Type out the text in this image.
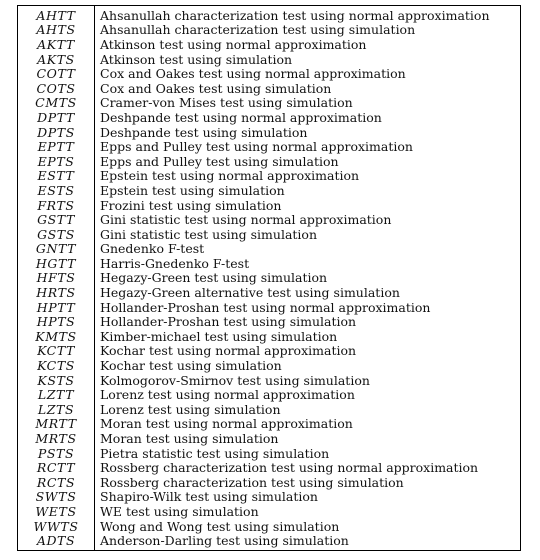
AHTT	Ahsanullah characterization test using normal approximation
AHTS	Ahsanullah characterization test using simulation
AKTT	Atkinson test using normal approximation
AKTS	Atkinson test using simulation
COTT	Cox and Oakes test using normal approximation
COTS	Cox and Oakes test using simulation
CMTS	Cramer-von Mises test using simulation
DPTT	Deshpande test using normal approximation
DPTS	Deshpande test using simulation
EPTT	Epps and Pulley test using normal approximation
EPTS	Epps and Pulley test using simulation
ESTT	Epstein test using normal approximation
ESTS	Epstein test using simulation
FRTS	Frozini test using simulation
GSTT	Gini statistic test using normal approximation
GSTS	Gini statistic test using simulation
GNTT	Gnedenko F-test
HGTT	Harris-Gnedenko F-test
HFTS	Hegazy-Green test using simulation
HRTS	Hegazy-Green alternative test using simulation
HPTT	Hollander-Proshan test using normal approximation
HPTS	Hollander-Proshan test using simulation
KMTS	Kimber-michael test using simulation
KCTT	Kochar test using normal approximation
KCTS	Kochar test using simulation
KSTS	Kolmogorov-Smirnov test using simulation
LZTT	Lorenz test using normal approximation
LZTS	Lorenz test using simulation
MRTT	Moran test using normal approximation
MRTS	Moran test using simulation
PSTS	Pietra statistic test using simulation
RCTT	Rossberg characterization test using normal approximation
RCTS	Rossberg characterization test using simulation
SWTS	Shapiro-Wilk test using simulation
WETS	WE test using simulation
WWTS	Wong and Wong test using simulation
ADTS	Anderson-Darling test using simulation
